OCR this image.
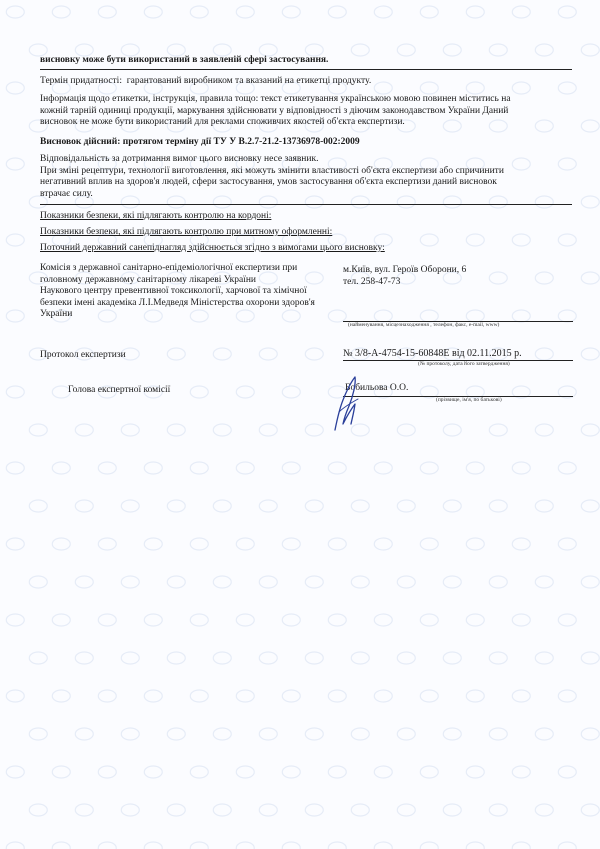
висновку може бути використаний в заявленій сфері застосування.
Термін придатності: гарантований виробником та вказаний на етикетці продукту.
Інформація щодо етикетки, інструкція, правила тощо: текст етикетування українською мовою повинен міститись на
кожній тарній одиниці продукції, маркування здійснювати у відповідності з діючим законодавством України Даний
висновок не може бути використаний для реклами споживчих якостей об'єкта експертизи.
Висновок дійсний: протягом терміну дії ТУ У В.2.7-21.2-13736978-002:2009
Відповідальність за дотримання вимог цього висновку несе заявник.
При зміні рецептури, технології виготовлення, які можуть змінити властивості об'єкта експертизи або спричинити
негативний вплив на здоров'я людей, сфери застосування, умов застосування об'єкта експертизи даний висновок
втрачає силу.
Показники безпеки, які підлягають контролю на кордоні:
Показники безпеки, які підлягають контролю при митному оформленні:
Поточний державний санепіднагляд здійснюється згідно з вимогами цього висновку:
Комісія з державної санітарно-епідеміологічної експертизи при
головному державному санітарному лікареві України
Наукового центру превентивної токсикології, харчової та хімічної
безпеки імені академіка Л.І.Медведя Міністерства охорони здоров'я
України
м.Київ, вул. Героїв Оборони, 6
тел. 258-47-73
(найменування, місцезнаходження , телефон, факс, e-mail, www)
Протокол експертизи	№ 3/8-А-4754-15-60848Е від 02.11.2015 р.
(№ протоколу, дата його затвердження)
Голова експертної комісії	Бобильова О.О.
(прізвище, ім'я, по батькові)
